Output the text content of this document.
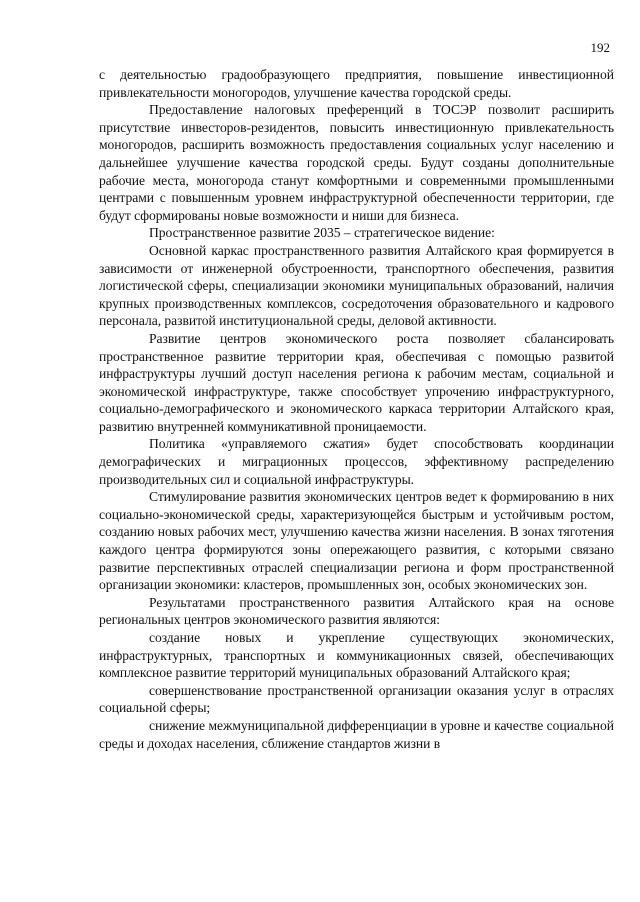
192

с деятельностью градообразующего предприятия, повышение инвестиционной привлекательности моногородов, улучшение качества городской среды.

Предоставление налоговых преференций в ТОСЭР позволит расширить присутствие инвесторов-резидентов, повысить инвестиционную привлекательность моногородов, расширить возможность предоставления социальных услуг населению и дальнейшее улучшение качества городской среды. Будут созданы дополнительные рабочие места, моногорода станут комфортными и современными промышленными центрами с повышенным уровнем инфраструктурной обеспеченности территории, где будут сформированы новые возможности и ниши для бизнеса.

Пространственное развитие 2035 – стратегическое видение:

Основной каркас пространственного развития Алтайского края формируется в зависимости от инженерной обустроенности, транспортного обеспечения, развития логистической сферы, специализации экономики муниципальных образований, наличия крупных производственных комплексов, сосредоточения образовательного и кадрового персонала, развитой институциональной среды, деловой активности.

Развитие центров экономического роста позволяет сбалансировать пространственное развитие территории края, обеспечивая с помощью развитой инфраструктуры лучший доступ населения региона к рабочим местам, социальной и экономической инфраструктуре, также способствует упрочению инфраструктурного, социально-демографического и экономического каркаса территории Алтайского края, развитию внутренней коммуникативной проницаемости.

Политика «управляемого сжатия» будет способствовать координации демографических и миграционных процессов, эффективному распределению производительных сил и социальной инфраструктуры.

Стимулирование развития экономических центров ведет к формированию в них социально-экономической среды, характеризующейся быстрым и устойчивым ростом, созданию новых рабочих мест, улучшению качества жизни населения. В зонах тяготения каждого центра формируются зоны опережающего развития, с которыми связано развитие перспективных отраслей специализации региона и форм пространственной организации экономики: кластеров, промышленных зон, особых экономических зон.

Результатами пространственного развития Алтайского края на основе региональных центров экономического развития являются:

создание новых и укрепление существующих экономических, инфраструктурных, транспортных и коммуникационных связей, обеспечивающих комплексное развитие территорий муниципальных образований Алтайского края;

совершенствование пространственной организации оказания услуг в отраслях социальной сферы;

снижение межмуниципальной дифференциации в уровне и качестве социальной среды и доходах населения, сближение стандартов жизни в
